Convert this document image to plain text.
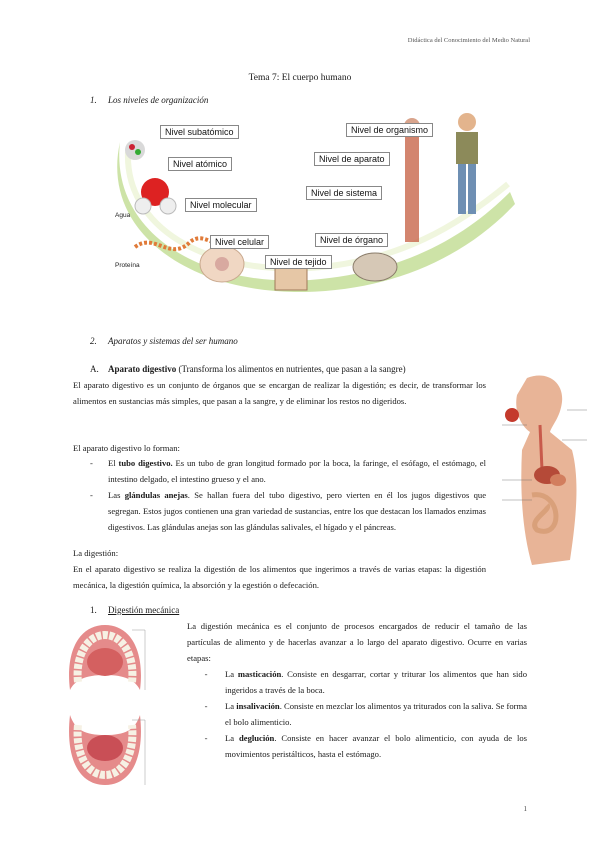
Didáctica del Conocimiento del Medio Natural
Tema 7: El cuerpo humano
1. Los niveles de organización
Nivel subatómico
Nivel atómico
Nivel molecular
Nivel celular
Nivel de tejido
Nivel de órgano
Nivel de sistema
Nivel de aparato
Nivel de organismo
Agua
Proteína
2. Aparatos y sistemas del ser humano
A. Aparato digestivo (Transforma los alimentos en nutrientes, que pasan a la sangre)
El aparato digestivo es un conjunto de órganos que se encargan de realizar la digestión; es decir, de transformar los alimentos en sustancias más simples, que pasan a la sangre, y de eliminar los restos no digeridos.
El aparato digestivo lo forman:
- El tubo digestivo. Es un tubo de gran longitud formado por la boca, la faringe, el esófago, el estómago, el intestino delgado, el intestino grueso y el ano.
- Las glándulas anejas. Se hallan fuera del tubo digestivo, pero vierten en él los jugos digestivos que segregan. Estos jugos contienen una gran variedad de sustancias, entre los que destacan los llamados enzimas digestivos. Las glándulas anejas son las glándulas salivales, el hígado y el páncreas.
La digestión:
En el aparato digestivo se realiza la digestión de los alimentos que ingerimos a través de varias etapas: la digestión mecánica, la digestión química, la absorción y la egestión o defecación.
1. Digestión mecánica
La digestión mecánica es el conjunto de procesos encargados de reducir el tamaño de las partículas de alimento y de hacerlas avanzar a lo largo del aparato digestivo. Ocurre en varias etapas:
- La masticación. Consiste en desgarrar, cortar y triturar los alimentos que han sido ingeridos a través de la boca.
- La insalivación. Consiste en mezclar los alimentos ya triturados con la saliva. Se forma el bolo alimenticio.
- La deglución. Consiste en hacer avanzar el bolo alimenticio, con ayuda de los movimientos peristálticos, hasta el estómago.
1
